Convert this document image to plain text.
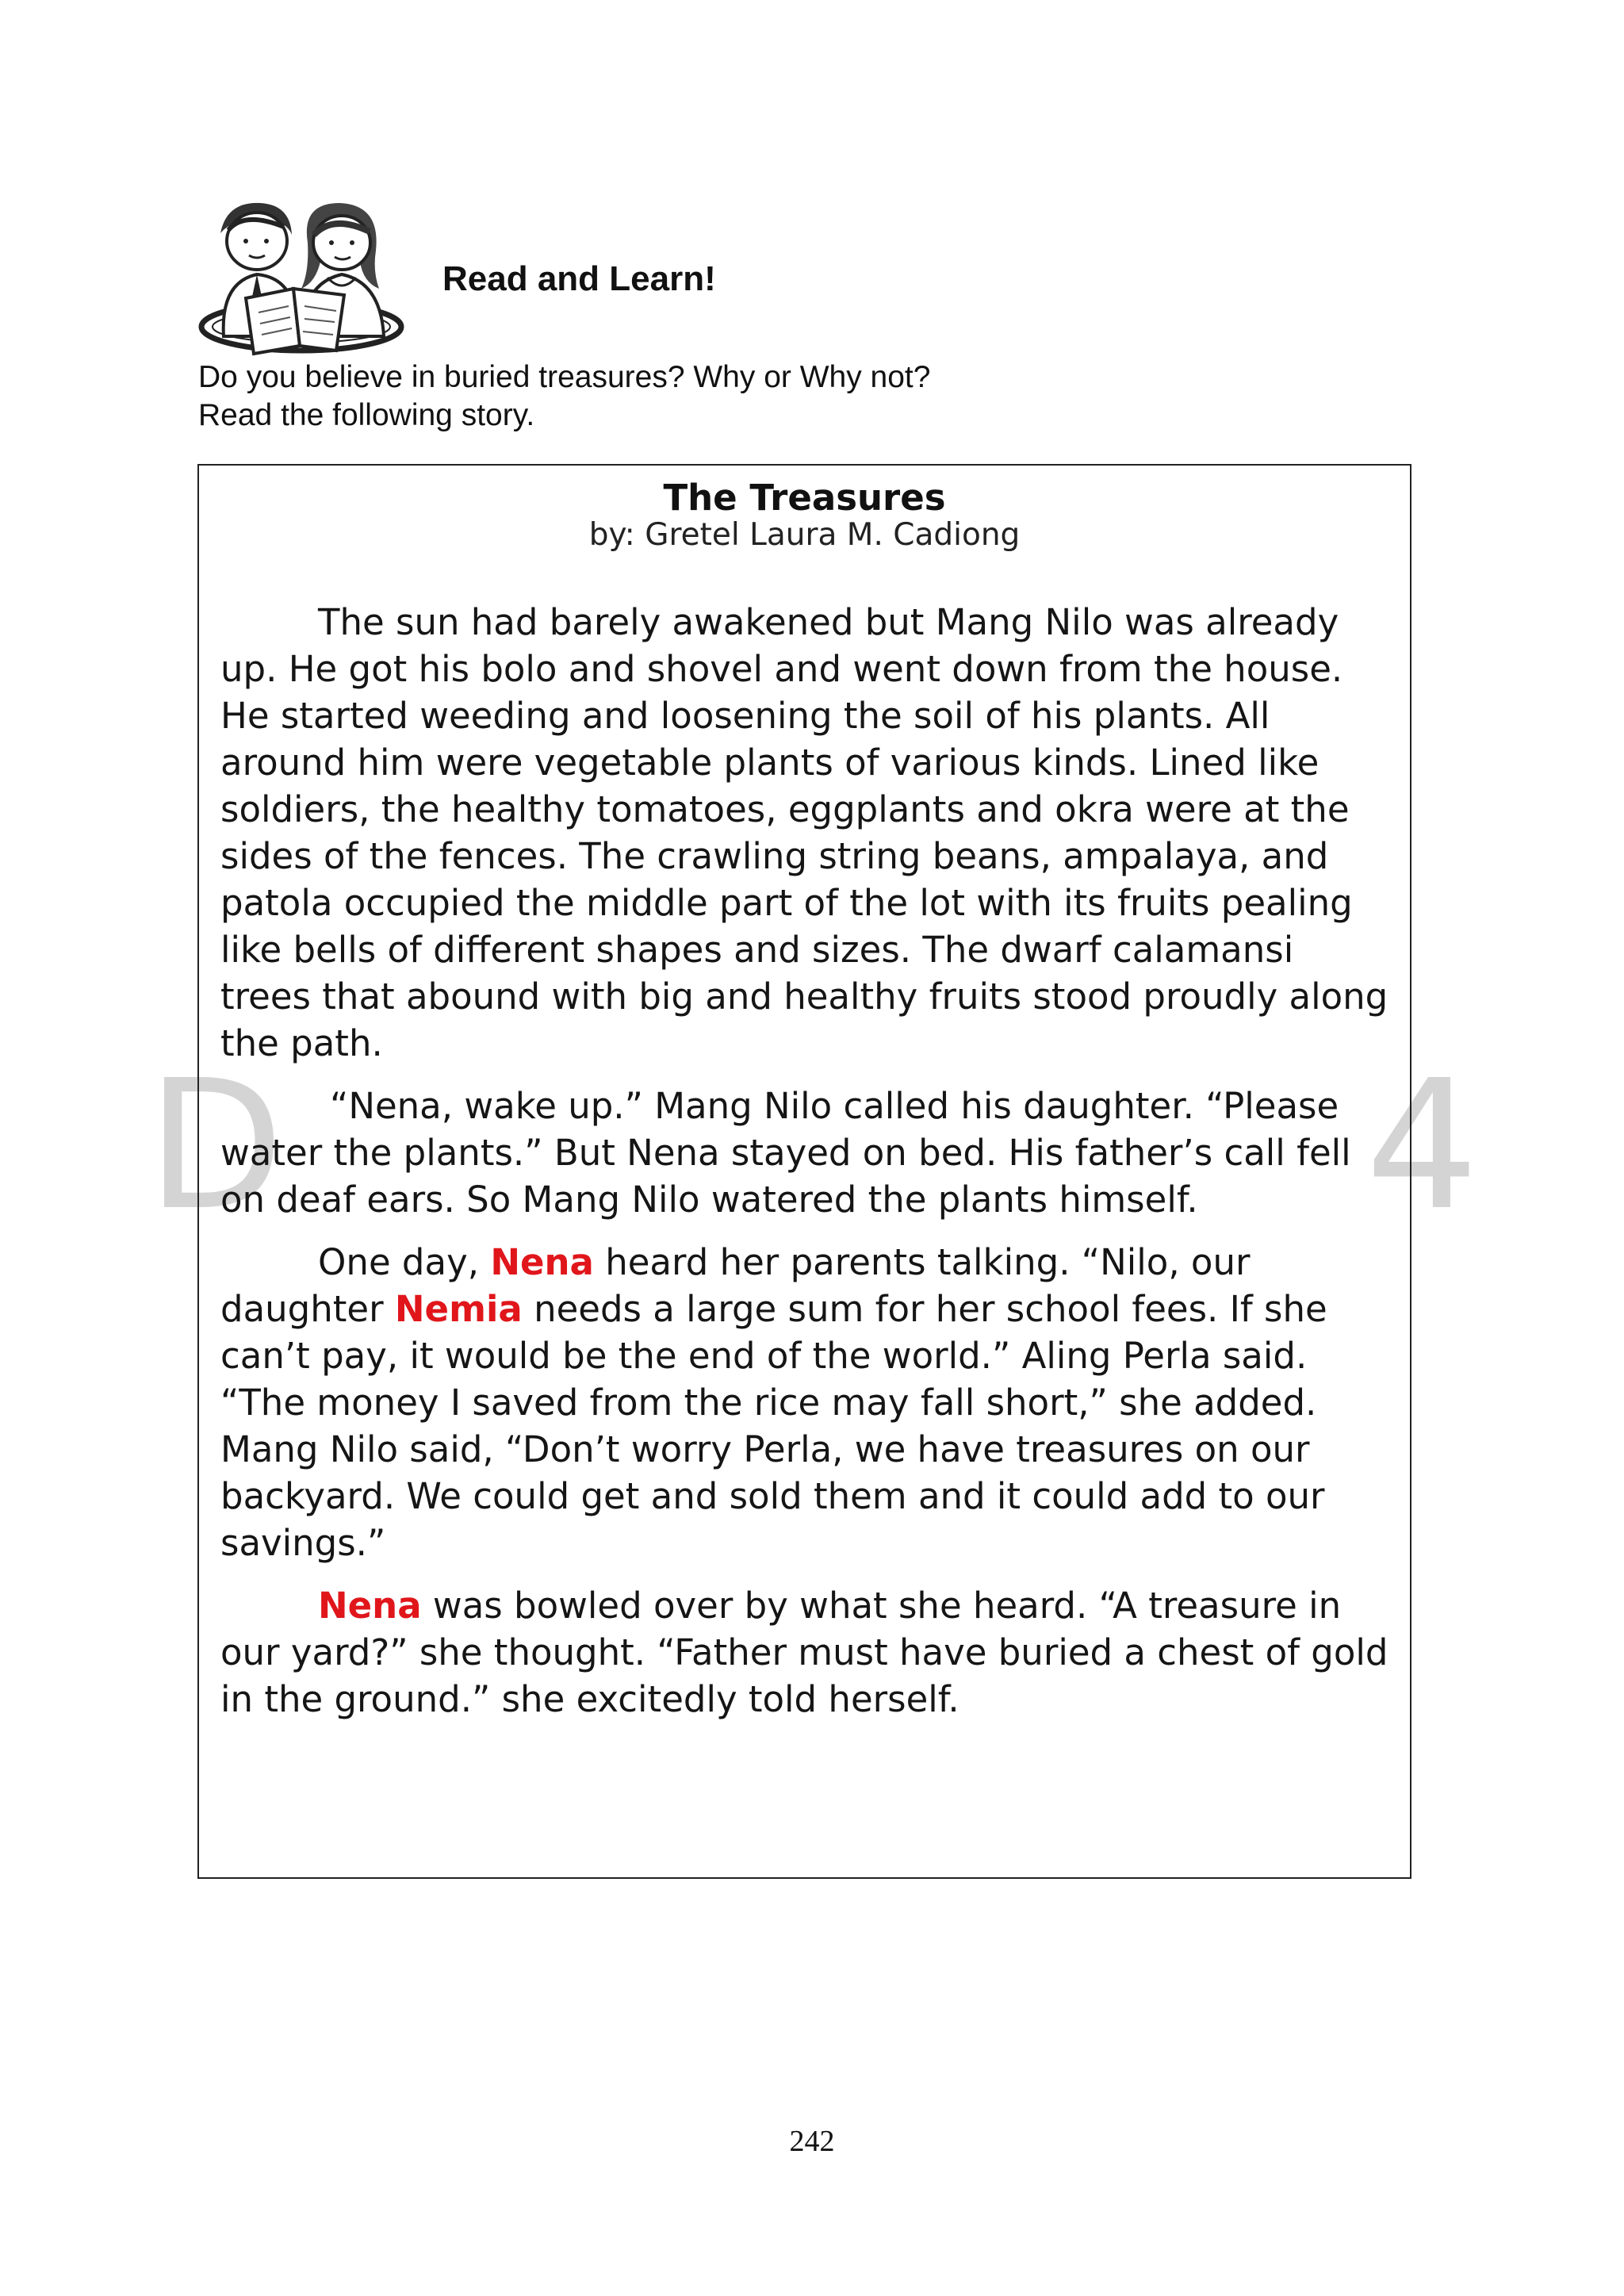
D	4
Read and Learn!
Do you believe in buried treasures? Why or Why not?
Read the following story.
The Treasures
by: Gretel Laura M. Cadiong

The sun had barely awakened but Mang Nilo was already up. He got his bolo and shovel and went down from the house. He started weeding and loosening the soil of his plants. All around him were vegetable plants of various kinds. Lined like soldiers, the healthy tomatoes, eggplants and okra were at the sides of the fences. The crawling string beans, ampalaya, and patola occupied the middle part of the lot with its fruits pealing like bells of different shapes and sizes. The dwarf calamansi trees that abound with big and healthy fruits stood proudly along the path.

“Nena, wake up.” Mang Nilo called his daughter. “Please water the plants.” But Nena stayed on bed. His father’s call fell on deaf ears. So Mang Nilo watered the plants himself.

One day, Nena heard her parents talking. “Nilo, our daughter Nemia needs a large sum for her school fees. If she can’t pay, it would be the end of the world.” Aling Perla said. “The money I saved from the rice may fall short,” she added. Mang Nilo said, “Don’t worry Perla, we have treasures on our backyard. We could get and sold them and it could add to our savings.”

Nena was bowled over by what she heard. “A treasure in our yard?” she thought. “Father must have buried a chest of gold in the ground.” she excitedly told herself.

242
